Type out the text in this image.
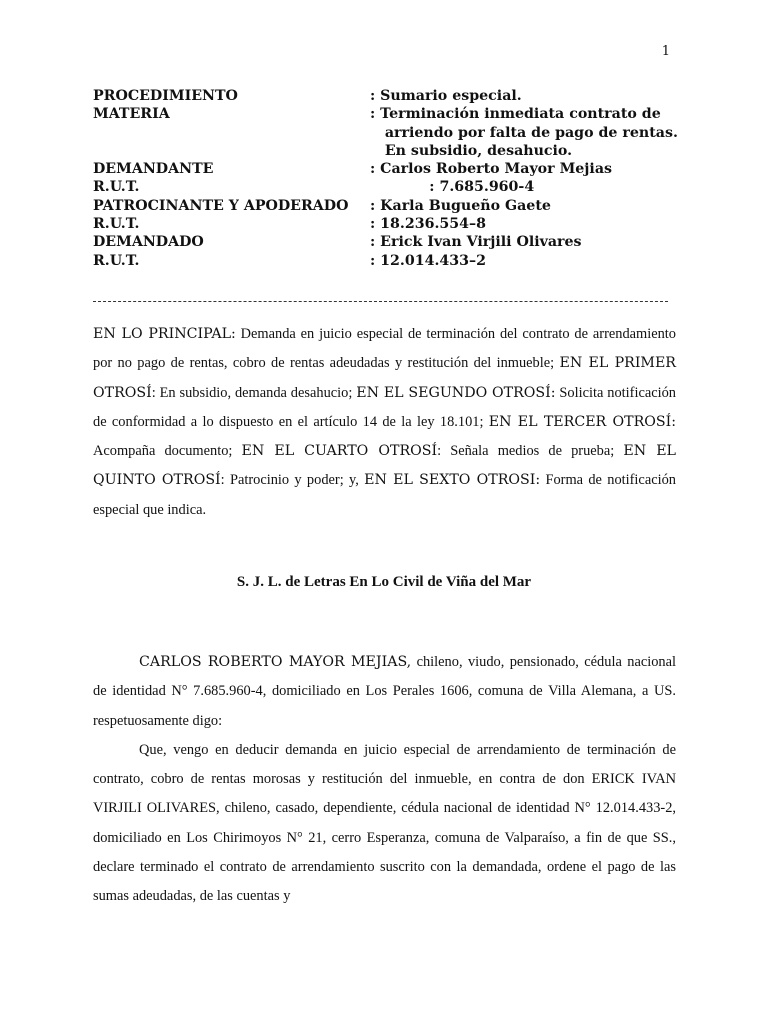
1
PROCEDIMIENTO	: Sumario especial.
MATERIA	: Terminación inmediata contrato de
arriendo por falta de pago de rentas.
En subsidio, desahucio.
DEMANDANTE	: Carlos Roberto Mayor Mejias
R.U.T.	: 7.685.960-4
PATROCINANTE Y APODERADO	: Karla Bugueño Gaete
R.U.T.	: 18.236.554–8
DEMANDADO	: Erick Ivan Virjili Olivares
R.U.T.	: 12.014.433–2
EN LO PRINCIPAL: Demanda en juicio especial de terminación del contrato de arrendamiento por no pago de rentas, cobro de rentas adeudadas y restitución del inmueble; EN EL PRIMER OTROSÍ: En subsidio, demanda desahucio; EN EL SEGUNDO OTROSÍ: Solicita notificación de conformidad a lo dispuesto en el artículo 14 de la ley 18.101; EN EL TERCER OTROSÍ: Acompaña documento; EN EL CUARTO OTROSÍ: Señala medios de prueba; EN EL QUINTO OTROSÍ: Patrocinio y poder; y, EN EL SEXTO OTROSI: Forma de notificación especial que indica.
S. J. L. de Letras En Lo Civil de Viña del Mar

CARLOS ROBERTO MAYOR MEJIAS, chileno, viudo, pensionado, cédula nacional de identidad N° 7.685.960-4, domiciliado en Los Perales 1606, comuna de Villa Alemana, a US. respetuosamente digo:

Que, vengo en deducir demanda en juicio especial de arrendamiento de terminación de contrato, cobro de rentas morosas y restitución del inmueble, en contra de don ERICK IVAN VIRJILI OLIVARES, chileno, casado, dependiente, cédula nacional de identidad N° 12.014.433-2, domiciliado en Los Chirimoyos N° 21, cerro Esperanza, comuna de Valparaíso, a fin de que SS., declare terminado el contrato de arrendamiento suscrito con la demandada, ordene el pago de las sumas adeudadas, de las cuentas y
